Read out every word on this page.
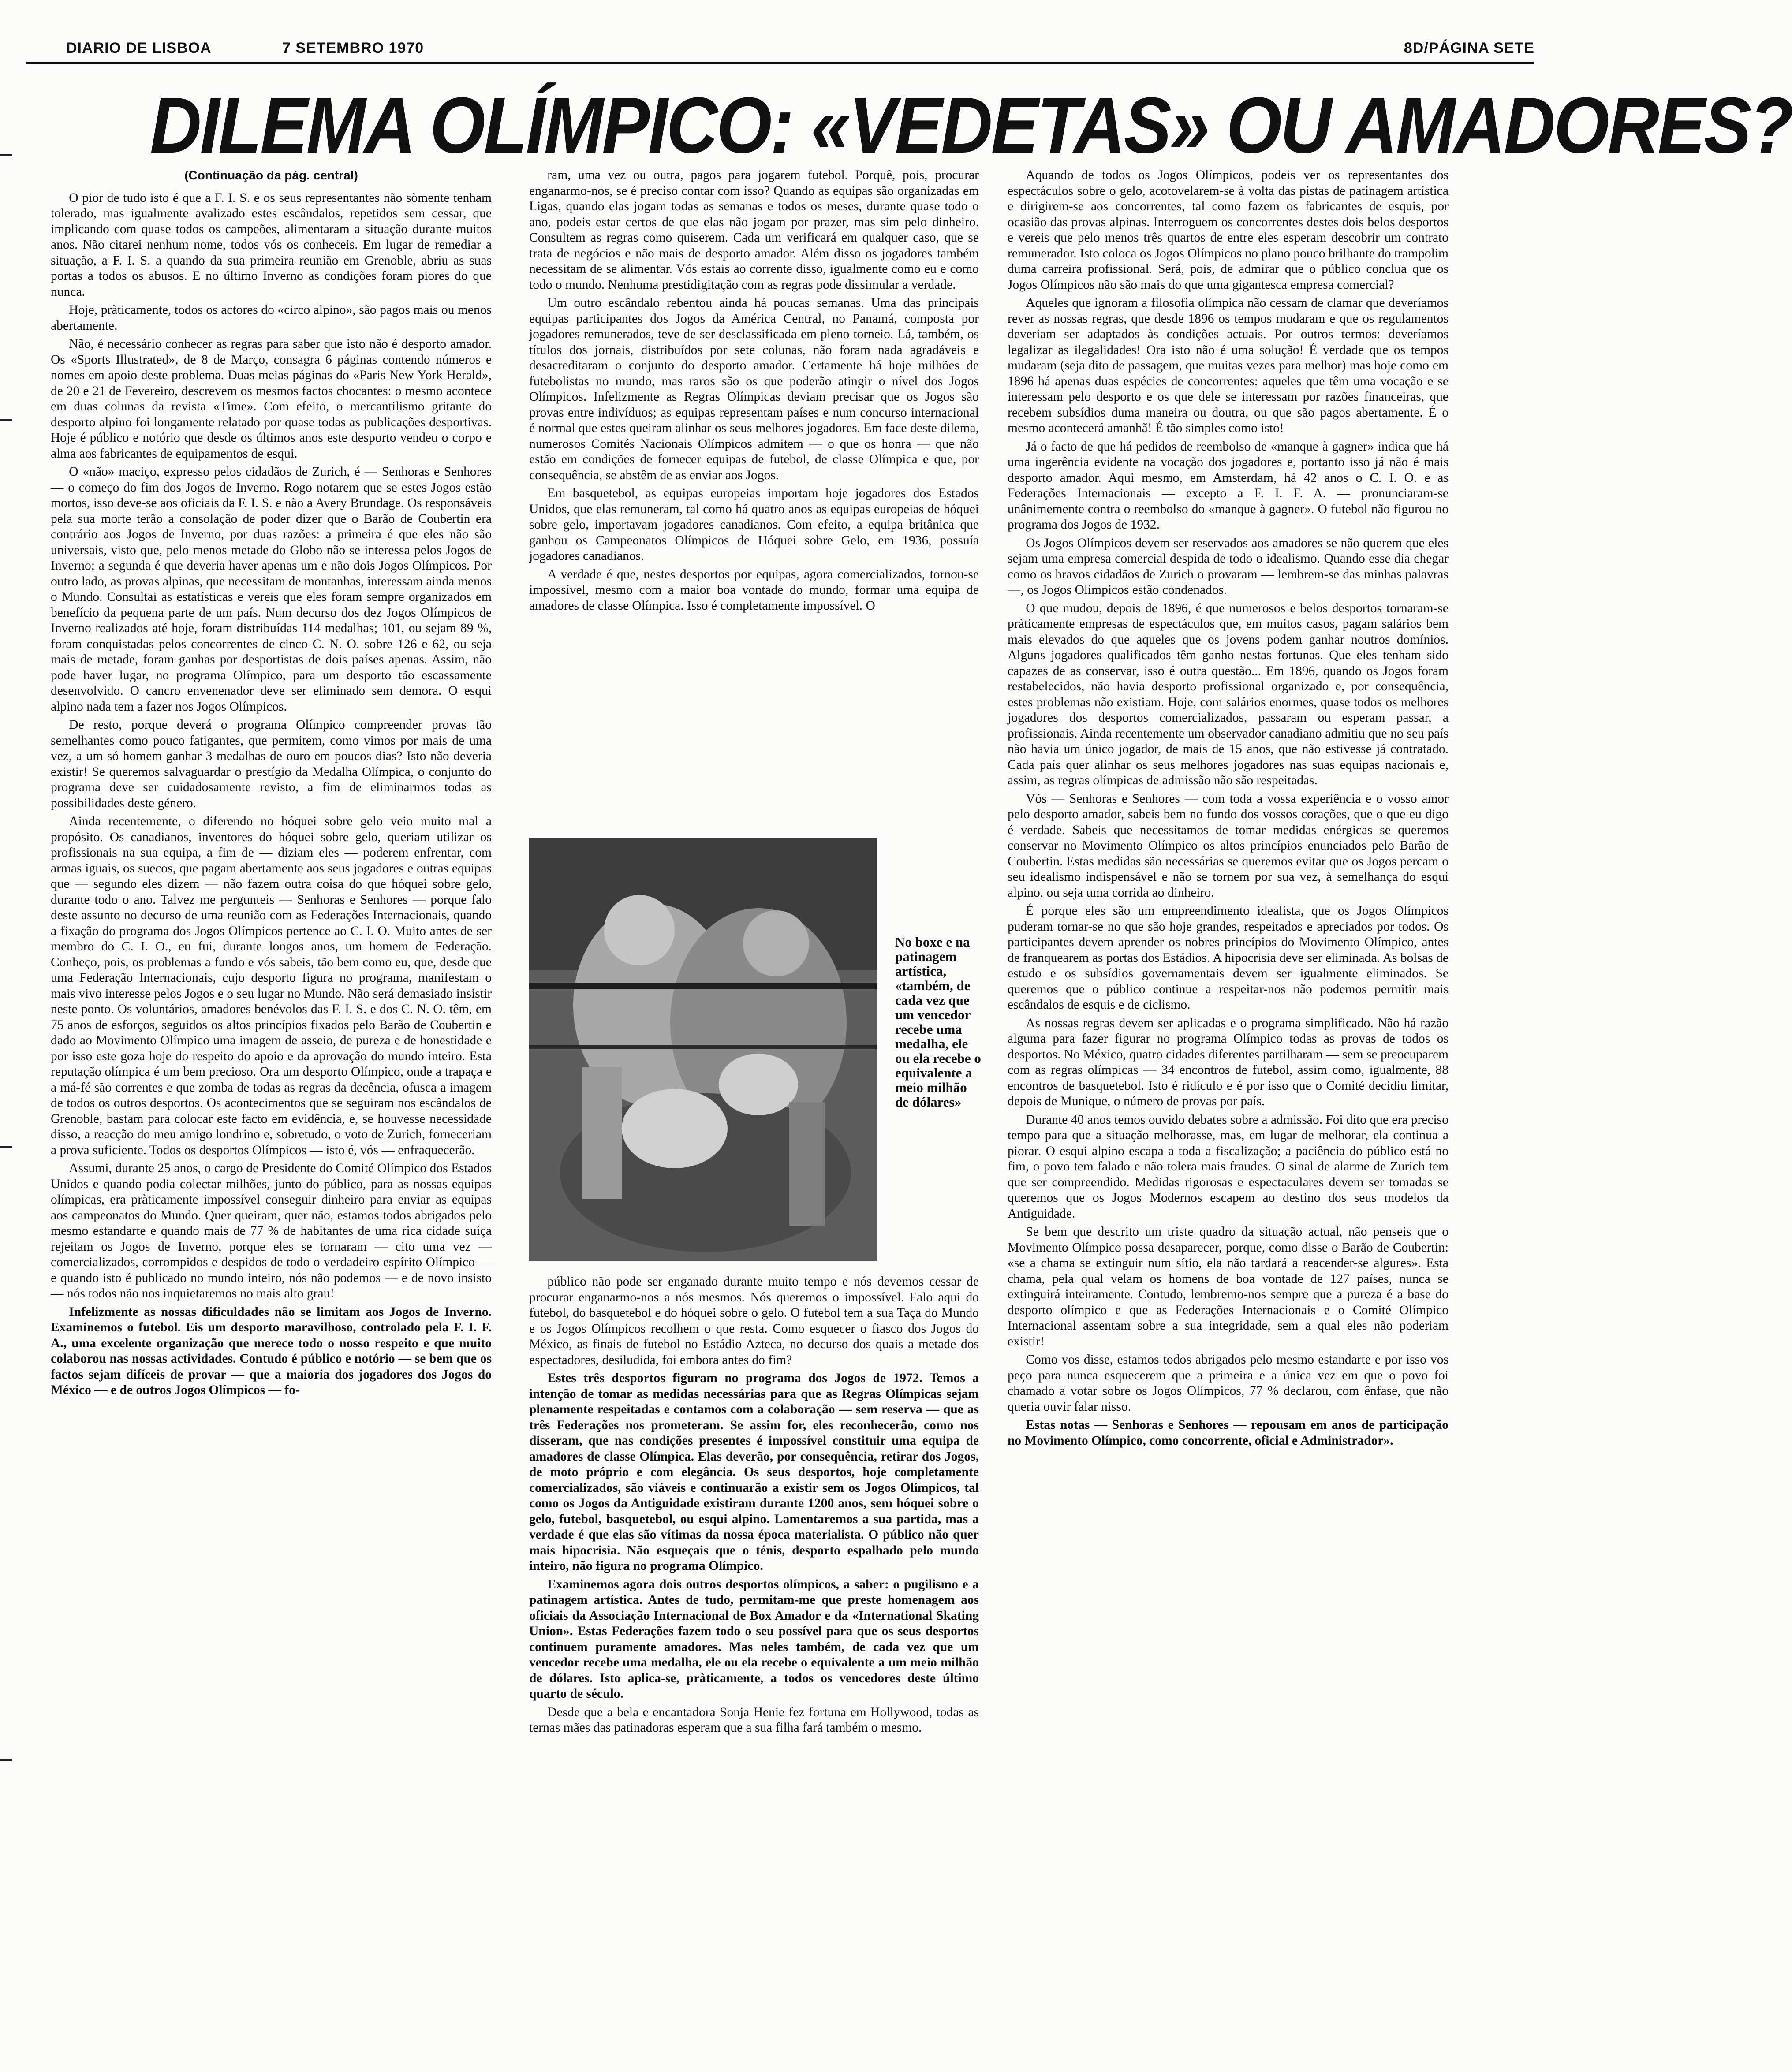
DIARIO DE LISBOA	7 SETEMBRO 1970	8D/PÁGINA SETE
DILEMA OLÍMPICO: «VEDETAS» OU AMADORES?

(Continuação da pág. central)

O pior de tudo isto é que a F. I. S. e os seus representantes não sòmente tenham tolerado, mas igualmente avalizado estes escândalos, repetidos sem cessar, que implicando com quase todos os campeões, alimentaram a situação durante muitos anos. Não citarei nenhum nome, todos vós os conheceis. Em lugar de remediar a situação, a F. I. S. a quando da sua primeira reunião em Grenoble, abriu as suas portas a todos os abusos. E no último Inverno as condições foram piores do que nunca.

Hoje, pràticamente, todos os actores do «circo alpino», são pagos mais ou menos abertamente.

Não, é necessário conhecer as regras para saber que isto não é desporto amador. Os «Sports Illustrated», de 8 de Março, consagra 6 páginas contendo números e nomes em apoio deste problema. Duas meias páginas do «Paris New York Herald», de 20 e 21 de Fevereiro, descrevem os mesmos factos chocantes: o mesmo acontece em duas colunas da revista «Time». Com efeito, o mercantilismo gritante do desporto alpino foi longamente relatado por quase todas as publicações desportivas. Hoje é público e notório que desde os últimos anos este desporto vendeu o corpo e alma aos fabricantes de equipamentos de esqui.

O «não» maciço, expresso pelos cidadãos de Zurich, é — Senhoras e Senhores — o começo do fim dos Jogos de Inverno. Rogo notarem que se estes Jogos estão mortos, isso deve-se aos oficiais da F. I. S. e não a Avery Brundage. Os responsáveis pela sua morte terão a consolação de poder dizer que o Barão de Coubertin era contrário aos Jogos de Inverno, por duas razões: a primeira é que eles não são universais, visto que, pelo menos metade do Globo não se interessa pelos Jogos de Inverno; a segunda é que deveria haver apenas um e não dois Jogos Olímpicos. Por outro lado, as provas alpinas, que necessitam de montanhas, interessam ainda menos o Mundo. Consultai as estatísticas e vereis que eles foram sempre organizados em benefício da pequena parte de um país. Num decurso dos dez Jogos Olímpicos de Inverno realizados até hoje, foram distribuídas 114 medalhas; 101, ou sejam 89 %, foram conquistadas pelos concorrentes de cinco C. N. O. sobre 126 e 62, ou seja mais de metade, foram ganhas por desportistas de dois países apenas. Assim, não pode haver lugar, no programa Olímpico, para um desporto tão escassamente desenvolvido. O cancro envenenador deve ser eliminado sem demora. O esqui alpino nada tem a fazer nos Jogos Olímpicos.

De resto, porque deverá o programa Olímpico compreender provas tão semelhantes como pouco fatigantes, que permitem, como vimos por mais de uma vez, a um só homem ganhar 3 medalhas de ouro em poucos dias? Isto não deveria existir! Se queremos salvaguardar o prestígio da Medalha Olímpica, o conjunto do programa deve ser cuidadosamente revisto, a fim de eliminarmos todas as possibilidades deste género.

Ainda recentemente, o diferendo no hóquei sobre gelo veio muito mal a propósito. Os canadianos, inventores do hóquei sobre gelo, queriam utilizar os profissionais na sua equipa, a fim de — diziam eles — poderem enfrentar, com armas iguais, os suecos, que pagam abertamente aos seus jogadores e outras equipas que — segundo eles dizem — não fazem outra coisa do que hóquei sobre gelo, durante todo o ano. Talvez me pergunteis — Senhoras e Senhores — porque falo deste assunto no decurso de uma reunião com as Federações Internacionais, quando a fixação do programa dos Jogos Olímpicos pertence ao C. I. O. Muito antes de ser membro do C. I. O., eu fui, durante longos anos, um homem de Federação. Conheço, pois, os problemas a fundo e vós sabeis, tão bem como eu, que, desde que uma Federação Internacionais, cujo desporto figura no programa, manifestam o mais vivo interesse pelos Jogos e o seu lugar no Mundo. Não será demasiado insistir neste ponto. Os voluntários, amadores benévolos das F. I. S. e dos C. N. O. têm, em 75 anos de esforços, seguidos os altos princípios fixados pelo Barão de Coubertin e dado ao Movimento Olímpico uma imagem de asseio, de pureza e de honestidade e por isso este goza hoje do respeito do apoio e da aprovação do mundo inteiro. Esta reputação olímpica é um bem precioso. Ora um desporto Olímpico, onde a trapaça e a má-fé são correntes e que zomba de todas as regras da decência, ofusca a imagem de todos os outros desportos. Os acontecimentos que se seguiram nos escândalos de Grenoble, bastam para colocar este facto em evidência, e, se houvesse necessidade disso, a reacção do meu amigo londrino e, sobretudo, o voto de Zurich, forneceriam a prova suficiente. Todos os desportos Olímpicos — isto é, vós — enfraquecerão.

Assumi, durante 25 anos, o cargo de Presidente do Comité Olímpico dos Estados Unidos e quando podia colectar milhões, junto do público, para as nossas equipas olímpicas, era pràticamente impossível conseguir dinheiro para enviar as equipas aos campeonatos do Mundo. Quer queiram, quer não, estamos todos abrigados pelo mesmo estandarte e quando mais de 77 % de habitantes de uma rica cidade suíça rejeitam os Jogos de Inverno, porque eles se tornaram — cito uma vez — comercializados, corrompidos e despidos de todo o verdadeiro espírito Olímpico — e quando isto é publicado no mundo inteiro, nós não podemos — e de novo insisto — nós todos não nos inquietaremos no mais alto grau!

Infelizmente as nossas dificuldades não se limitam aos Jogos de Inverno. Examinemos o futebol. Eis um desporto maravilhoso, controlado pela F. I. F. A., uma excelente organização que merece todo o nosso respeito e que muito colaborou nas nossas actividades. Contudo é público e notório — se bem que os factos sejam difíceis de provar — que a maioria dos jogadores dos Jogos do México — e de outros Jogos Olímpicos — fo-

ram, uma vez ou outra, pagos para jogarem futebol. Porquê, pois, procurar enganarmo-nos, se é preciso contar com isso? Quando as equipas são organizadas em Ligas, quando elas jogam todas as semanas e todos os meses, durante quase todo o ano, podeis estar certos de que elas não jogam por prazer, mas sim pelo dinheiro. Consultem as regras como quiserem. Cada um verificará em qualquer caso, que se trata de negócios e não mais de desporto amador. Além disso os jogadores também necessitam de se alimentar. Vós estais ao corrente disso, igualmente como eu e como todo o mundo. Nenhuma prestidigitação com as regras pode dissimular a verdade.

Um outro escândalo rebentou ainda há poucas semanas. Uma das principais equipas participantes dos Jogos da América Central, no Panamá, composta por jogadores remunerados, teve de ser desclassificada em pleno torneio. Lá, também, os títulos dos jornais, distribuídos por sete colunas, não foram nada agradáveis e desacreditaram o conjunto do desporto amador. Certamente há hoje milhões de futebolistas no mundo, mas raros são os que poderão atingir o nível dos Jogos Olímpicos. Infelizmente as Regras Olímpicas deviam precisar que os Jogos são provas entre indivíduos; as equipas representam países e num concurso internacional é normal que estes queiram alinhar os seus melhores jogadores. Em face deste dilema, numerosos Comités Nacionais Olímpicos admitem — o que os honra — que não estão em condições de fornecer equipas de futebol, de classe Olímpica e que, por consequência, se abstêm de as enviar aos Jogos.

Em basquetebol, as equipas europeias importam hoje jogadores dos Estados Unidos, que elas remuneram, tal como há quatro anos as equipas europeias de hóquei sobre gelo, importavam jogadores canadianos. Com efeito, a equipa britânica que ganhou os Campeonatos Olímpicos de Hóquei sobre Gelo, em 1936, possuía jogadores canadianos.

A verdade é que, nestes desportos por equipas, agora comercializados, tornou-se impossível, mesmo com a maior boa vontade do mundo, formar uma equipa de amadores de classe Olímpica. Isso é completamente impossível. O

No boxe e na patinagem artística, «também, de cada vez que um vencedor recebe uma medalha, ele ou ela recebe o equivalente a meio milhão de dólares»

público não pode ser enganado durante muito tempo e nós devemos cessar de procurar enganarmo-nos a nós mesmos. Nós queremos o impossível. Falo aqui do futebol, do basquetebol e do hóquei sobre o gelo. O futebol tem a sua Taça do Mundo e os Jogos Olímpicos recolhem o que resta. Como esquecer o fiasco dos Jogos do México, as finais de futebol no Estádio Azteca, no decurso dos quais a metade dos espectadores, desiludida, foi embora antes do fim?

Estes três desportos figuram no programa dos Jogos de 1972. Temos a intenção de tomar as medidas necessárias para que as Regras Olímpicas sejam plenamente respeitadas e contamos com a colaboração — sem reserva — que as três Federações nos prometeram. Se assim for, eles reconhecerão, como nos disseram, que nas condições presentes é impossível constituir uma equipa de amadores de classe Olímpica. Elas deverão, por consequência, retirar dos Jogos, de moto próprio e com elegância. Os seus desportos, hoje completamente comercializados, são viáveis e continuarão a existir sem os Jogos Olímpicos, tal como os Jogos da Antiguidade existiram durante 1200 anos, sem hóquei sobre o gelo, futebol, basquetebol, ou esqui alpino. Lamentaremos a sua partida, mas a verdade é que elas são vítimas da nossa época materialista. O público não quer mais hipocrisia. Não esqueçais que o ténis, desporto espalhado pelo mundo inteiro, não figura no programa Olímpico.

Examinemos agora dois outros desportos olímpicos, a saber: o pugilismo e a patinagem artística. Antes de tudo, permitam-me que preste homenagem aos oficiais da Associação Internacional de Box Amador e da «International Skating Union». Estas Federações fazem todo o seu possível para que os seus desportos continuem puramente amadores. Mas neles também, de cada vez que um vencedor recebe uma medalha, ele ou ela recebe o equivalente a um meio milhão de dólares. Isto aplica-se, pràticamente, a todos os vencedores deste último quarto de século.

Desde que a bela e encantadora Sonja Henie fez fortuna em Hollywood, todas as ternas mães das patinadoras esperam que a sua filha fará também o mesmo.

Aquando de todos os Jogos Olímpicos, podeis ver os representantes dos espectáculos sobre o gelo, acotovelarem-se à volta das pistas de patinagem artística e dirigirem-se aos concorrentes, tal como fazem os fabricantes de esquis, por ocasião das provas alpinas. Interroguem os concorrentes destes dois belos desportos e vereis que pelo menos três quartos de entre eles esperam descobrir um contrato remunerador. Isto coloca os Jogos Olímpicos no plano pouco brilhante do trampolim duma carreira profissional. Será, pois, de admirar que o público conclua que os Jogos Olímpicos não são mais do que uma gigantesca empresa comercial?

Aqueles que ignoram a filosofia olímpica não cessam de clamar que deveríamos rever as nossas regras, que desde 1896 os tempos mudaram e que os regulamentos deveriam ser adaptados às condições actuais. Por outros termos: deveríamos legalizar as ilegalidades! Ora isto não é uma solução! É verdade que os tempos mudaram (seja dito de passagem, que muitas vezes para melhor) mas hoje como em 1896 há apenas duas espécies de concorrentes: aqueles que têm uma vocação e se interessam pelo desporto e os que dele se interessam por razões financeiras, que recebem subsídios duma maneira ou doutra, ou que são pagos abertamente. É o mesmo acontecerá amanhã! É tão simples como isto!

Já o facto de que há pedidos de reembolso de «manque à gagner» indica que há uma ingerência evidente na vocação dos jogadores e, portanto isso já não é mais desporto amador. Aqui mesmo, em Amsterdam, há 42 anos o C. I. O. e as Federações Internacionais — excepto a F. I. F. A. — pronunciaram-se unânimemente contra o reembolso do «manque à gagner». O futebol não figurou no programa dos Jogos de 1932.

Os Jogos Olímpicos devem ser reservados aos amadores se não querem que eles sejam uma empresa comercial despida de todo o idealismo. Quando esse dia chegar como os bravos cidadãos de Zurich o provaram — lembrem-se das minhas palavras —, os Jogos Olímpicos estão condenados.

O que mudou, depois de 1896, é que numerosos e belos desportos tornaram-se pràticamente empresas de espectáculos que, em muitos casos, pagam salários bem mais elevados do que aqueles que os jovens podem ganhar noutros domínios. Alguns jogadores qualificados têm ganho nestas fortunas. Que eles tenham sido capazes de as conservar, isso é outra questão... Em 1896, quando os Jogos foram restabelecidos, não havia desporto profissional organizado e, por consequência, estes problemas não existiam. Hoje, com salários enormes, quase todos os melhores jogadores dos desportos comercializados, passaram ou esperam passar, a profissionais. Ainda recentemente um observador canadiano admitiu que no seu país não havia um único jogador, de mais de 15 anos, que não estivesse já contratado. Cada país quer alinhar os seus melhores jogadores nas suas equipas nacionais e, assim, as regras olímpicas de admissão não são respeitadas.

Vós — Senhoras e Senhores — com toda a vossa experiência e o vosso amor pelo desporto amador, sabeis bem no fundo dos vossos corações, que o que eu digo é verdade. Sabeis que necessitamos de tomar medidas enérgicas se queremos conservar no Movimento Olímpico os altos princípios enunciados pelo Barão de Coubertin. Estas medidas são necessárias se queremos evitar que os Jogos percam o seu idealismo indispensável e não se tornem por sua vez, à semelhança do esqui alpino, ou seja uma corrida ao dinheiro.

É porque eles são um empreendimento idealista, que os Jogos Olímpicos puderam tornar-se no que são hoje grandes, respeitados e apreciados por todos. Os participantes devem aprender os nobres princípios do Movimento Olímpico, antes de franquearem as portas dos Estádios. A hipocrisia deve ser eliminada. As bolsas de estudo e os subsídios governamentais devem ser igualmente eliminados. Se queremos que o público continue a respeitar-nos não podemos permitir mais escândalos de esquis e de ciclismo.

As nossas regras devem ser aplicadas e o programa simplificado. Não há razão alguma para fazer figurar no programa Olímpico todas as provas de todos os desportos. No México, quatro cidades diferentes partilharam — sem se preocuparem com as regras olímpicas — 34 encontros de futebol, assim como, igualmente, 88 encontros de basquetebol. Isto é ridículo e é por isso que o Comité decidiu limitar, depois de Munique, o número de provas por país.

Durante 40 anos temos ouvido debates sobre a admissão. Foi dito que era preciso tempo para que a situação melhorasse, mas, em lugar de melhorar, ela continua a piorar. O esqui alpino escapa a toda a fiscalização; a paciência do público está no fim, o povo tem falado e não tolera mais fraudes. O sinal de alarme de Zurich tem que ser compreendido. Medidas rigorosas e espectaculares devem ser tomadas se queremos que os Jogos Modernos escapem ao destino dos seus modelos da Antiguidade.

Se bem que descrito um triste quadro da situação actual, não penseis que o Movimento Olímpico possa desaparecer, porque, como disse o Barão de Coubertin: «se a chama se extinguir num sítio, ela não tardará a reacender-se algures». Esta chama, pela qual velam os homens de boa vontade de 127 países, nunca se extinguirá inteiramente. Contudo, lembremo-nos sempre que a pureza é a base do desporto olímpico e que as Federações Internacionais e o Comité Olímpico Internacional assentam sobre a sua integridade, sem a qual eles não poderiam existir!

Como vos disse, estamos todos abrigados pelo mesmo estandarte e por isso vos peço para nunca esquecerem que a primeira e a única vez em que o povo foi chamado a votar sobre os Jogos Olímpicos, 77 % declarou, com ênfase, que não queria ouvir falar nisso.

Estas notas — Senhoras e Senhores — repousam em anos de participação no Movimento Olímpico, como concorrente, oficial e Administrador».
